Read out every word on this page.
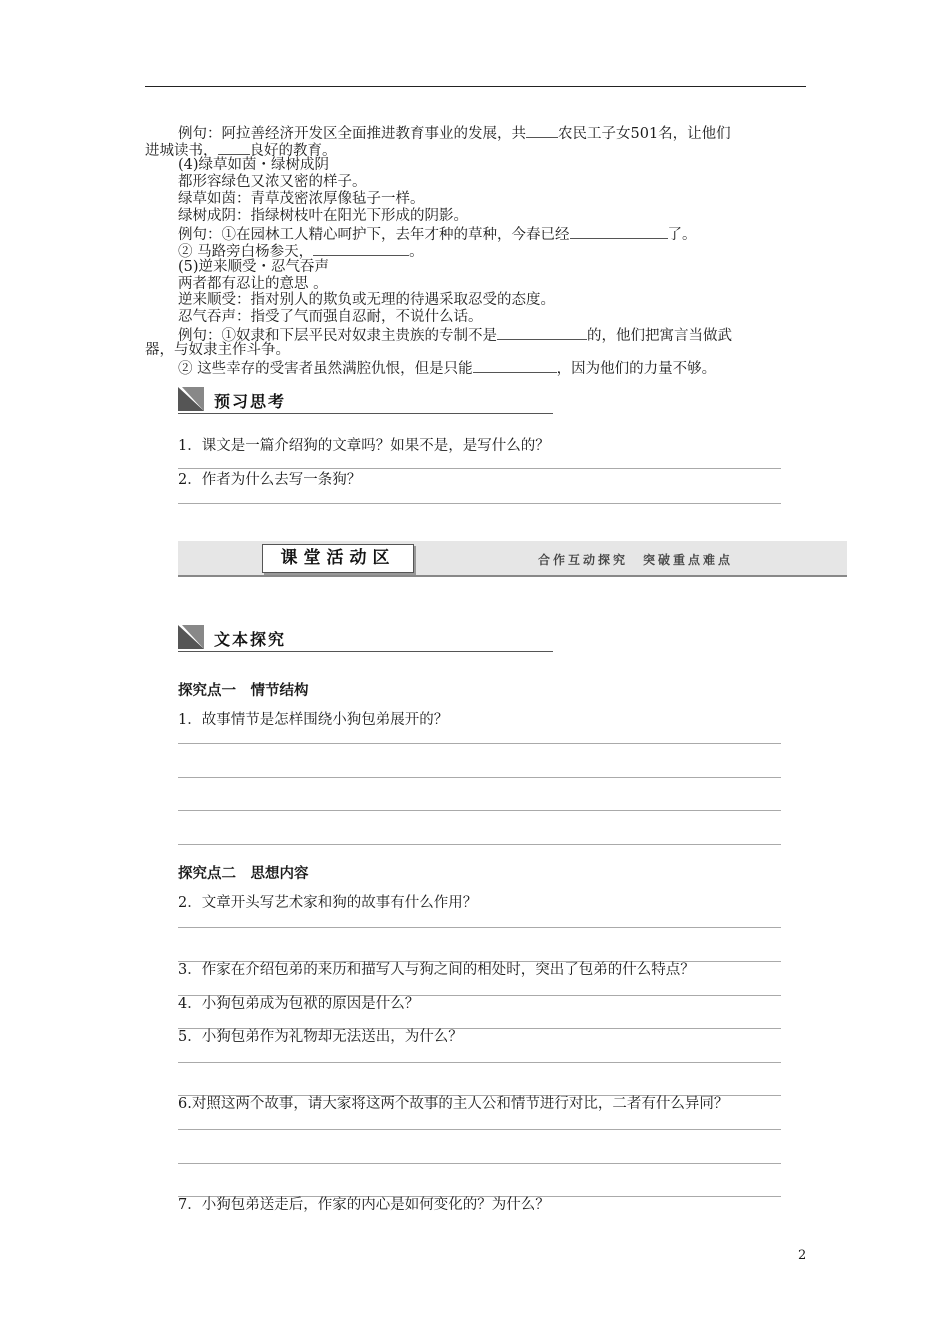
例句：阿拉善经济开发区全面推进教育事业的发展，共 农民工子女501名，让他们
进城读书， 良好的教育。
(4)绿草如茵・绿树成阴
都形容绿色又浓又密的样子。
绿草如茵：青草茂密浓厚像毡子一样。
绿树成阴：指绿树枝叶在阳光下形成的阴影。
例句：①在园林工人精心呵护下，去年才种的草种，今春已经	了。
② 马路旁白杨参天，	。
(5)逆来顺受・忍气吞声
两者都有忍让的意思 。
逆来顺受：指对别人的欺负或无理的待遇采取忍受的态度。
忍气吞声：指受了气而强自忍耐，不说什么话。
例句：①奴隶和下层平民对奴隶主贵族的专制不是	的，他们把寓言当做武
器，与奴隶主作斗争。
② 这些幸存的受害者虽然满腔仇恨，但是只能	，因为他们的力量不够。
预习思考
1．课文是一篇介绍狗的文章吗？如果不是，是写什么的？
2．作者为什么去写一条狗？
课堂活动区	合作互动探究　突破重点难点
文本探究
探究点一　情节结构
1．故事情节是怎样围绕小狗包弟展开的？
探究点二　思想内容
2．文章开头写艺术家和狗的故事有什么作用？
3．作家在介绍包弟的来历和描写人与狗之间的相处时，突出了包弟的什么特点？
4．小狗包弟成为包袱的原因是什么？
5．小狗包弟作为礼物却无法送出，为什么？
6.对照这两个故事，请大家将这两个故事的主人公和情节进行对比，二者有什么异同？
7．小狗包弟送走后，作家的内心是如何变化的？为什么？
2
